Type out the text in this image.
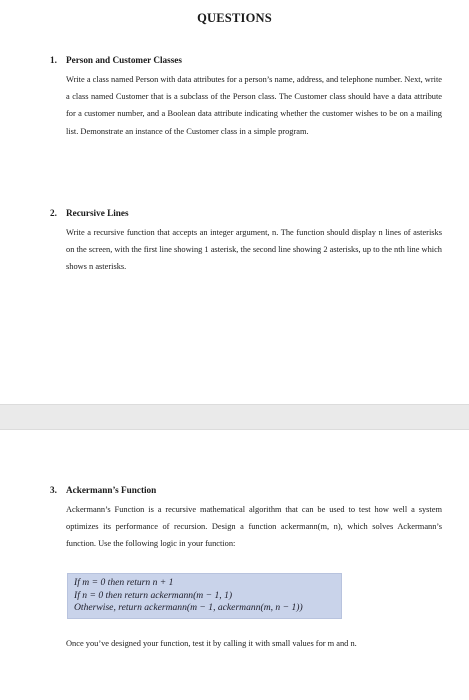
QUESTIONS

1. Person and Customer Classes

Write a class named Person with data attributes for a person’s name, address, and telephone number. Next, write a class named Customer that is a subclass of the Person class. The Customer class should have a data attribute for a customer number, and a Boolean data attribute indicating whether the customer wishes to be on a mailing list. Demonstrate an instance of the Customer class in a simple program.

2. Recursive Lines

Write a recursive function that accepts an integer argument, n. The function should display n lines of asterisks on the screen, with the first line showing 1 asterisk, the second line showing 2 asterisks, up to the nth line which shows n asterisks.

3. Ackermann’s Function

Ackermann’s Function is a recursive mathematical algorithm that can be used to test how well a system optimizes its performance of recursion. Design a function ackermann(m, n), which solves Ackermann’s function. Use the following logic in your function:
If m = 0 then return n + 1
If n = 0 then return ackermann(m − 1, 1)
Otherwise, return ackermann(m − 1, ackermann(m, n − 1))
Once you’ve designed your function, test it by calling it with small values for m and n.
